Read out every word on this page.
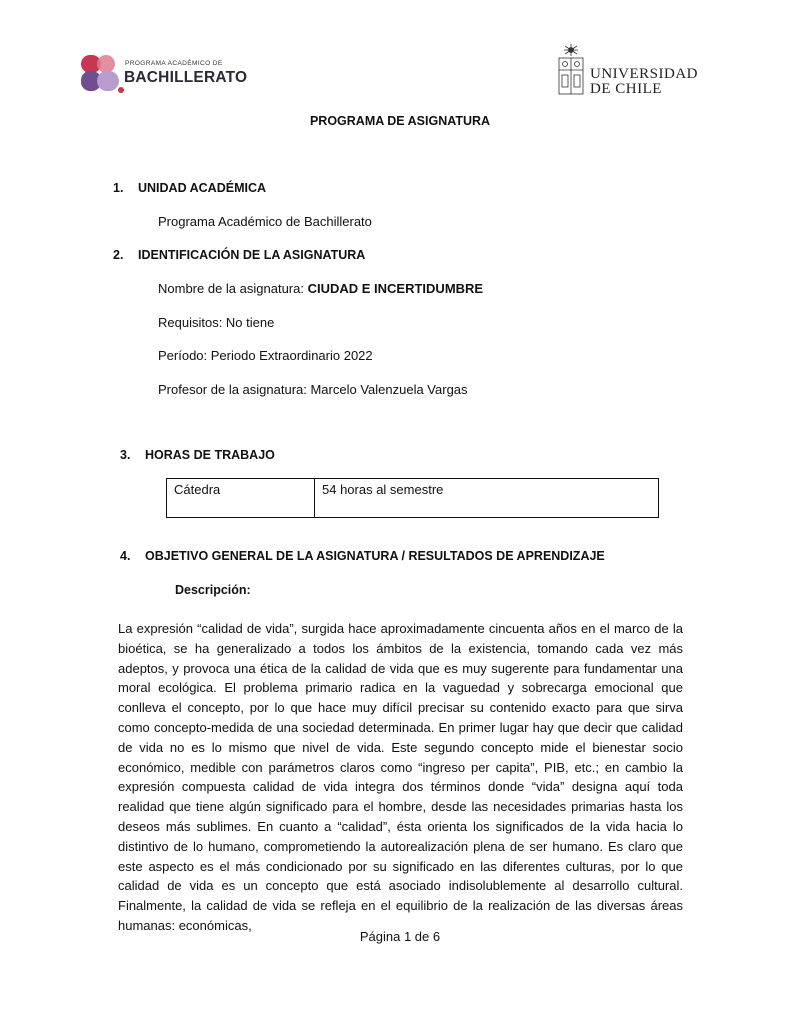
PROGRAMA ACADÉMICO DE
BACHILLERATO	UNIVERSIDAD
DE CHILE
PROGRAMA DE ASIGNATURA
1. UNIDAD ACADÉMICA
Programa Académico de Bachillerato
2. IDENTIFICACIÓN DE LA ASIGNATURA
Nombre de la asignatura: CIUDAD E INCERTIDUMBRE
Requisitos: No tiene
Período: Periodo Extraordinario 2022
Profesor de la asignatura: Marcelo Valenzuela Vargas
3. HORAS DE TRABAJO
Cátedra	54 horas al semestre
4. OBJETIVO GENERAL DE LA ASIGNATURA / RESULTADOS DE APRENDIZAJE
Descripción:
La expresión “calidad de vida”, surgida hace aproximadamente cincuenta años en el marco de la bioética, se ha generalizado a todos los ámbitos de la existencia, tomando cada vez más adeptos, y provoca una ética de la calidad de vida que es muy sugerente para fundamentar una moral ecológica. El problema primario radica en la vaguedad y sobrecarga emocional que conlleva el concepto, por lo que hace muy difícil precisar su contenido exacto para que sirva como concepto-medida de una sociedad determinada. En primer lugar hay que decir que calidad de vida no es lo mismo que nivel de vida. Este segundo concepto mide el bienestar socio económico, medible con parámetros claros como “ingreso per capita”, PIB, etc.; en cambio la expresión compuesta calidad de vida integra dos términos donde “vida” designa aquí toda realidad que tiene algún significado para el hombre, desde las necesidades primarias hasta los deseos más sublimes. En cuanto a “calidad”, ésta orienta los significados de la vida hacia lo distintivo de lo humano, comprometiendo la autorealización plena de ser humano. Es claro que este aspecto es el más condicionado por su significado en las diferentes culturas, por lo que calidad de vida es un concepto que está asociado indisolublemente al desarrollo cultural. Finalmente, la calidad de vida se refleja en el equilibrio de la realización de las diversas áreas humanas: económicas,
Página 1 de 6
